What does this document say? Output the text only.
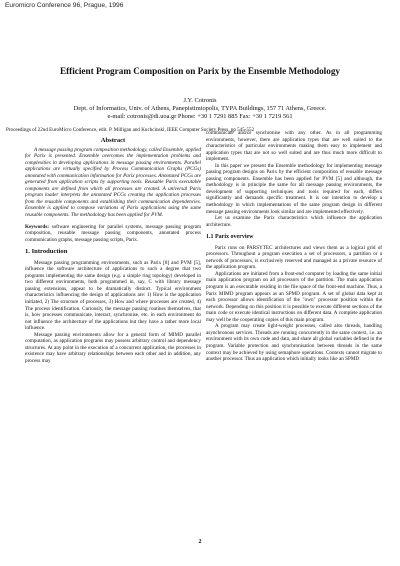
Euromicro Conference 96, Prague, 1996
Efficient Program Composition on Parix by the Ensemble Methodology
J.Y. Cotronis
Dept. of Informatics, Univ. of Athens, Panepistimiopolis, TYPA Buildings, 157 71 Athens, Greece.
e-mail: cotronis@di.uoa.gr Phone: +30 1 7291 885 Fax: +30 1 7219 561
Proceedings of 22nd EuroMicro Conference, edit. P. Milligan and Kuchcinski, IEEE Computer Society Press, pp 545-552
Abstract

A message passing program composition methodology, called Ensemble, applied for Parix is presented. Ensemble overcomes the implementation problems and complexities in developing applications in message passing environments. Parallel applications are virtually specified by Process Communication Graphs (PCGs) annotated with communication information for Parix processes. Annotated PCGs are generated from application scripts by supporting tools. Reusable Parix executable components are defined from which all processes are created. A universal Parix program loader interprets the annotated PCGs creating the application processes from the reusable components and establishing their communication dependencies. Ensemble is applied to compose variations of Parix applications using the same reusable components. The methodology has been applied for PVM.

Keywords: software engineering for parallel systems, message passing program composition, reusable message passing components, annotated process communication graphs, message passing scripts, Parix.

1. Introduction

Message passing programming environments, such as Parix [8] and PVM [5], influence the software architecture of applications to such a degree that two programs implementing the same design (e.g. a simple ring topology) developed in two different environments, both programmed in, say, C with library message passing extensions, appear to be dramatically distinct. Typical environment characteristics influencing the design of applications are: 1) How is the application initiated, 2) The structure of processes, 3) How and where processes are created, 4) The process identification. Curiously, the message passing routines themselves, that is, how processes communicate, interact, synchronise, etc. in each environment do not influence the architecture of the applications but they have a rather more local influence.

Message passing environments allow for a general form of MIMD parallel computation, as application programs may possess arbitrary control and dependency structures. At any point in the execution of a concurrent application, the processes in existence may have arbitrary relationships between each other and in addition, any process may

communicate and/or synchronise with any other. As in all programming environments, however, there are application types that are well suited to the characteristics of particular environments making them easy to implement and application types that are not so well suited and are thus much more difficult to implement.

In this paper we present the Ensemble methodology for implementing message passing program designs on Parix by the efficient composition of reusable message passing components. Ensemble has been applied for PVM [5] and although, the methodology is in principle the same for all message passing environments, the development of supporting techniques and tools required for each, differs significantly and demands specific treatment. It is our intention to develop a methodology in which implementations of the same program design in different message passing environments look similar and are implemented effectively.

Let us examine the Parix characteristics which influence the application architecture.

1.1 Parix overview

Parix runs on PARSYTEC architectures and views them as a logical grid of processors. Throughout a program execution a set of processors, a partition or a network of processors, is exclusively reserved and managed as a private resource of the application program.

Applications are initiated from a front-end computer by loading the same initial main application program on all processors of the partition. The main application program is an executable residing in the file space of the front-end machine. Thus, a Parix MIMD program appears as an SPMD program. A set of global data kept at each processor allows identification of the "own" processor position within the network. Depending on this position it is possible to execute different sections of the main code or execute identical instructions on different data. A complete application may well be the cooperating copies of this main program.

A program may create light-weight processes, called also threads, handling asynchronous services. Threads are running concurrently in the same context, i.e. an environment with its own code and data, and share all global variables defined in the program. Variable protection and synchronisation between threads in the same context may be achieved by using semaphore operations. Contexts cannot migrate to another processor. Thus an application which initially looks like an SPMD

2
